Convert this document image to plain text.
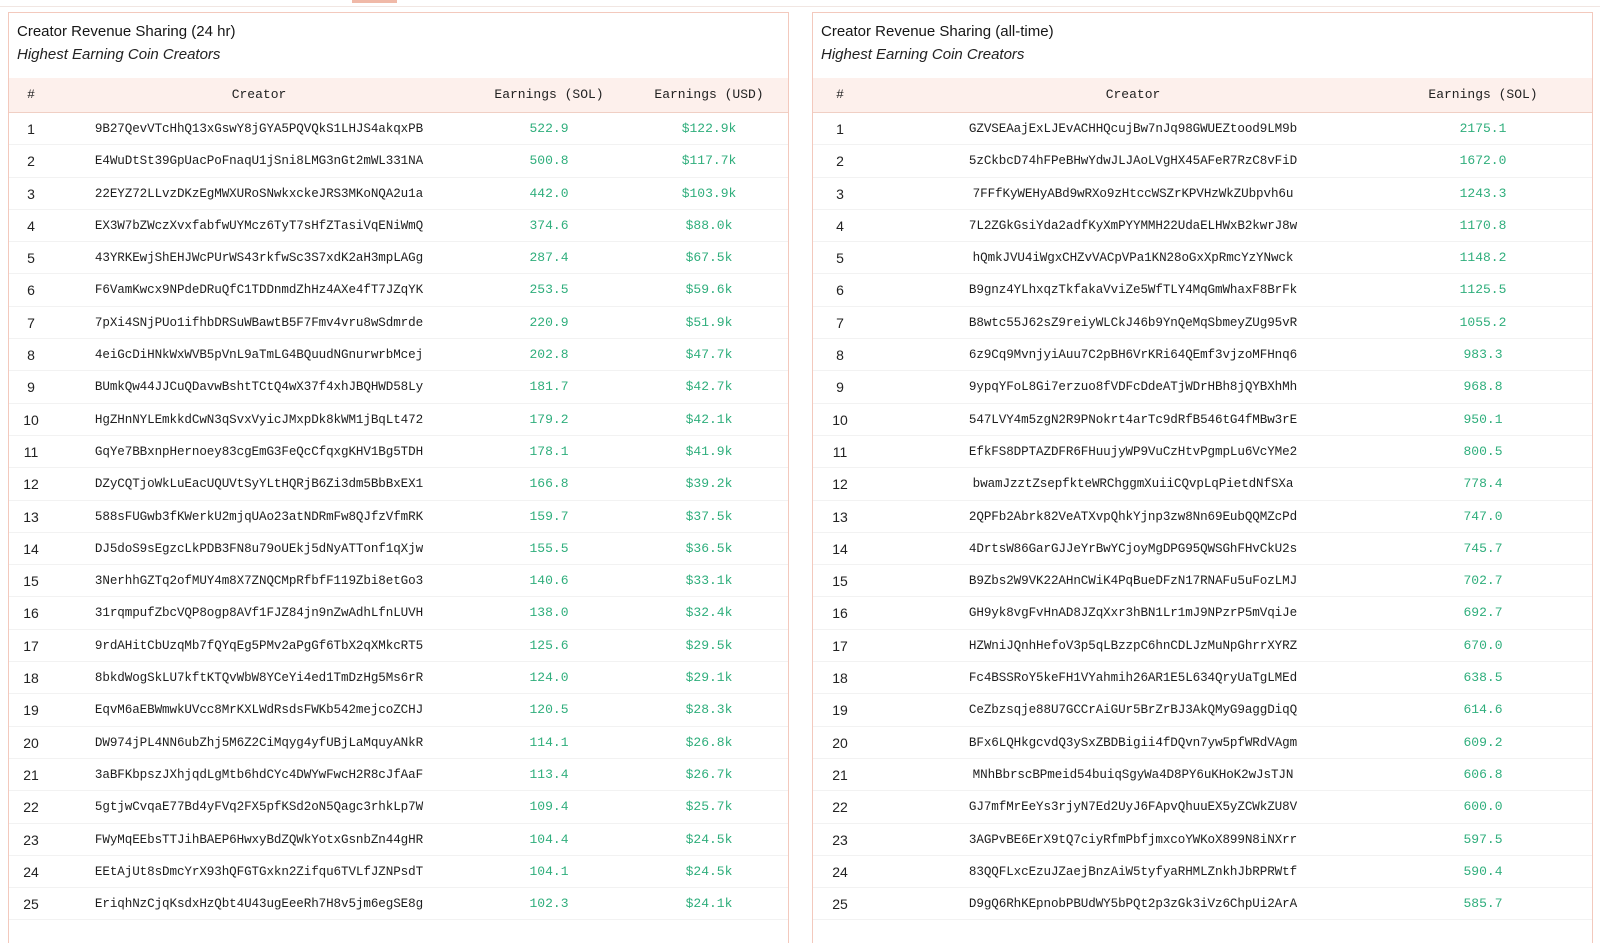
Creator Revenue Sharing (24 hr)
Highest Earning Coin Creators
#	Creator	Earnings (SOL)	Earnings (USD)
1	9B27QevVTcHhQ13xGswY8jGYA5PQVQkS1LHJS4akqxPB	522.9	$122.9k
2	E4WuDtSt39GpUacPoFnaqU1jSni8LMG3nGt2mWL331NA	500.8	$117.7k
3	22EYZ72LLvzDKzEgMWXURoSNwkxckeJRS3MKoNQA2u1a	442.0	$103.9k
4	EX3W7bZWczXvxfabfwUYMcz6TyT7sHfZTasiVqENiWmQ	374.6	$88.0k
5	43YRKEwjShEHJWcPUrWS43rkfwSc3S7xdK2aH3mpLAGg	287.4	$67.5k
6	F6VamKwcx9NPdeDRuQfC1TDDnmdZhHz4AXe4fT7JZqYK	253.5	$59.6k
7	7pXi4SNjPUo1ifhbDRSuWBawtB5F7Fmv4vru8wSdmrde	220.9	$51.9k
8	4eiGcDiHNkWxWVB5pVnL9aTmLG4BQuudNGnurwrbMcej	202.8	$47.7k
9	BUmkQw44JJCuQDavwBshtTCtQ4wX37f4xhJBQHWD58Ly	181.7	$42.7k
10	HgZHnNYLEmkkdCwN3qSvxVyicJMxpDk8kWM1jBqLt472	179.2	$42.1k
11	GqYe7BBxnpHernoey83cgEmG3FeQcCfqxgKHV1Bg5TDH	178.1	$41.9k
12	DZyCQTjoWkLuEacUQUVtSyYLtHQRjB6Zi3dm5BbBxEX1	166.8	$39.2k
13	588sFUGwb3fKWerkU2mjqUAo23atNDRmFw8QJfzVfmRK	159.7	$37.5k
14	DJ5doS9sEgzcLkPDB3FN8u79oUEkj5dNyATTonf1qXjw	155.5	$36.5k
15	3NerhhGZTq2ofMUY4m8X7ZNQCMpRfbfF119Zbi8etGo3	140.6	$33.1k
16	31rqmpufZbcVQP8ogp8AVf1FJZ84jn9nZwAdhLfnLUVH	138.0	$32.4k
17	9rdAHitCbUzqMb7fQYqEg5PMv2aPgGf6TbX2qXMkcRT5	125.6	$29.5k
18	8bkdWogSkLU7kftKTQvWbW8YCeYi4ed1TmDzHg5Ms6rR	124.0	$29.1k
19	EqvM6aEBWmwkUVcc8MrKXLWdRsdsFWKb542mejcoZCHJ	120.5	$28.3k
20	DW974jPL4NN6ubZhj5M6Z2CiMqyg4yfUBjLaMquyANkR	114.1	$26.8k
21	3aBFKbpszJXhjqdLgMtb6hdCYc4DWYwFwcH2R8cJfAaF	113.4	$26.7k
22	5gtjwCvqaE77Bd4yFVq2FX5pfKSd2oN5Qagc3rhkLp7W	109.4	$25.7k
23	FWyMqEEbsTTJihBAEP6HwxyBdZQWkYotxGsnbZn44gHR	104.4	$24.5k
24	EEtAjUt8sDmcYrX93hQFGTGxkn2Zifqu6TVLfJZNPsdT	104.1	$24.5k
25	EriqhNzCjqKsdxHzQbt4U43ugEeeRh7H8v5jm6egSE8g	102.3	$24.1k
Creator Revenue Sharing (all-time)
Highest Earning Coin Creators
#	Creator	Earnings (SOL)
1	GZVSEAajExLJEvACHHQcujBw7nJq98GWUEZtood9LM9b	2175.1
2	5zCkbcD74hFPeBHwYdwJLJAoLVgHX45AFeR7RzC8vFiD	1672.0
3	7FFfKyWEHyABd9wRXo9zHtccWSZrKPVHzWkZUbpvh6u	1243.3
4	7L2ZGkGsiYda2adfKyXmPYYMMH22UdaELHWxB2kwrJ8w	1170.8
5	hQmkJVU4iWgxCHZvVACpVPa1KN28oGxXpRmcYzYNwck	1148.2
6	B9gnz4YLhxqzTkfakaVviZe5WfTLY4MqGmWhaxF8BrFk	1125.5
7	B8wtc55J62sZ9reiyWLCkJ46b9YnQeMqSbmeyZUg95vR	1055.2
8	6z9Cq9MvnjyiAuu7C2pBH6VrKRi64QEmf3vjzoMFHnq6	983.3
9	9ypqYFoL8Gi7erzuo8fVDFcDdeATjWDrHBh8jQYBXhMh	968.8
10	547LVY4m5zgN2R9PNokrt4arTc9dRfB546tG4fMBw3rE	950.1
11	EfkFS8DPTAZDFR6FHuujyWP9VuCzHtvPgmpLu6VcYMe2	800.5
12	bwamJzztZsepfkteWRChggmXuiiCQvpLqPietdNfSXa	778.4
13	2QPFb2Abrk82VeATXvpQhkYjnp3zw8Nn69EubQQMZcPd	747.0
14	4DrtsW86GarGJJeYrBwYCjoyMgDPG95QWSGhFHvCkU2s	745.7
15	B9Zbs2W9VK22AHnCWiK4PqBueDFzN17RNAFu5uFozLMJ	702.7
16	GH9yk8vgFvHnAD8JZqXxr3hBN1Lr1mJ9NPzrP5mVqiJe	692.7
17	HZWniJQnhHefoV3p5qLBzzpC6hnCDLJzMuNpGhrrXYRZ	670.0
18	Fc4BSSRoY5keFH1VYahmih26AR1E5L634QryUaTgLMEd	638.5
19	CeZbzsqje88U7GCCrAiGUr5BrZrBJ3AkQMyG9aggDiqQ	614.6
20	BFx6LQHkgcvdQ3ySxZBDBigii4fDQvn7yw5pfWRdVAgm	609.2
21	MNhBbrscBPmeid54buiqSgyWa4D8PY6uKHoK2wJsTJN	606.8
22	GJ7mfMrEeYs3rjyN7Ed2UyJ6FApvQhuuEX5yZCWkZU8V	600.0
23	3AGPvBE6ErX9tQ7ciyRfmPbfjmxcoYWKoX899N8iNXrr	597.5
24	83QQFLxcEzuJZaejBnzAiW5tyfyaRHMLZnkhJbRPRWtf	590.4
25	D9gQ6RhKEpnobPBUdWY5bPQt2p3zGk3iVz6ChpUi2ArA	585.7
